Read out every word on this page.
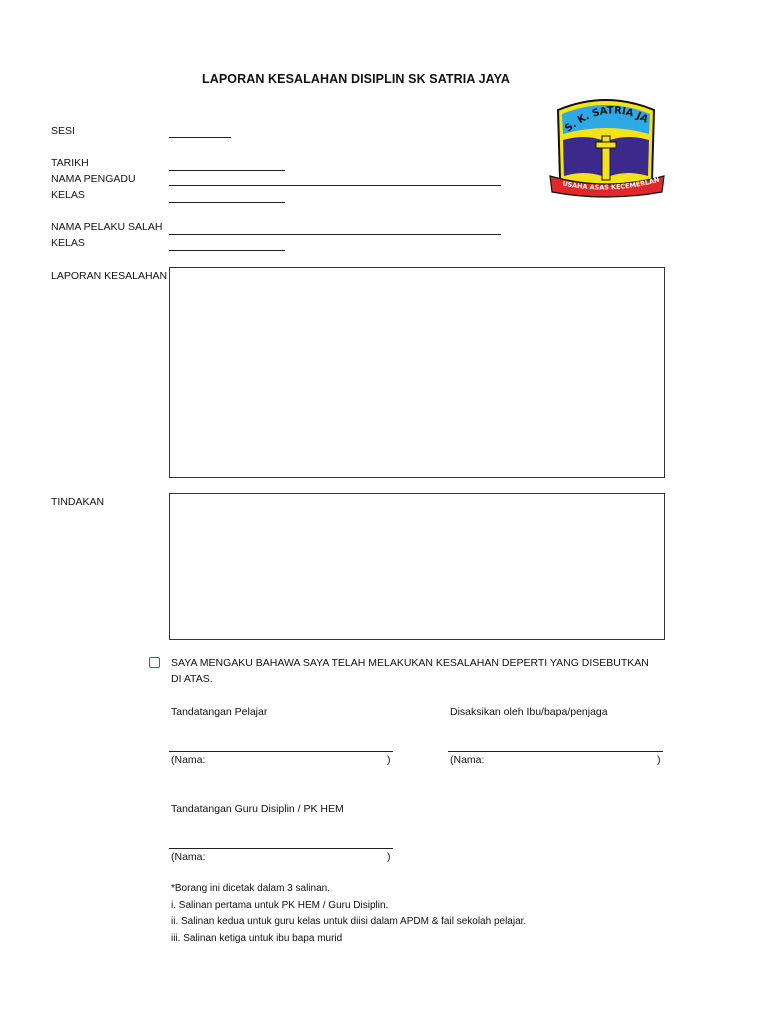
LAPORAN KESALAHAN DISIPLIN SK SATRIA JAYA
S. K. SATRIA JA
USAHA ASAS KECEMERLAN
SESI
TARIKH
NAMA PENGADU
KELAS
NAMA PELAKU SALAH
KELAS
LAPORAN KESALAHAN
TINDAKAN
SAYA MENGAKU BAHAWA SAYA TELAH MELAKUKAN KESALAHAN DEPERTI YANG DISEBUTKAN
DI ATAS.
Tandatangan Pelajar	Disaksikan oleh Ibu/bapa/penjaga
(Nama:	)	(Nama:	)
Tandatangan Guru Disiplin / PK HEM
(Nama:	)
*Borang ini dicetak dalam 3 salinan.
i. Salinan pertama untuk PK HEM / Guru Disiplin.
ii. Salinan kedua untuk guru kelas untuk diisi dalam APDM & fail sekolah pelajar.
iii. Salinan ketiga untuk ibu bapa murid
